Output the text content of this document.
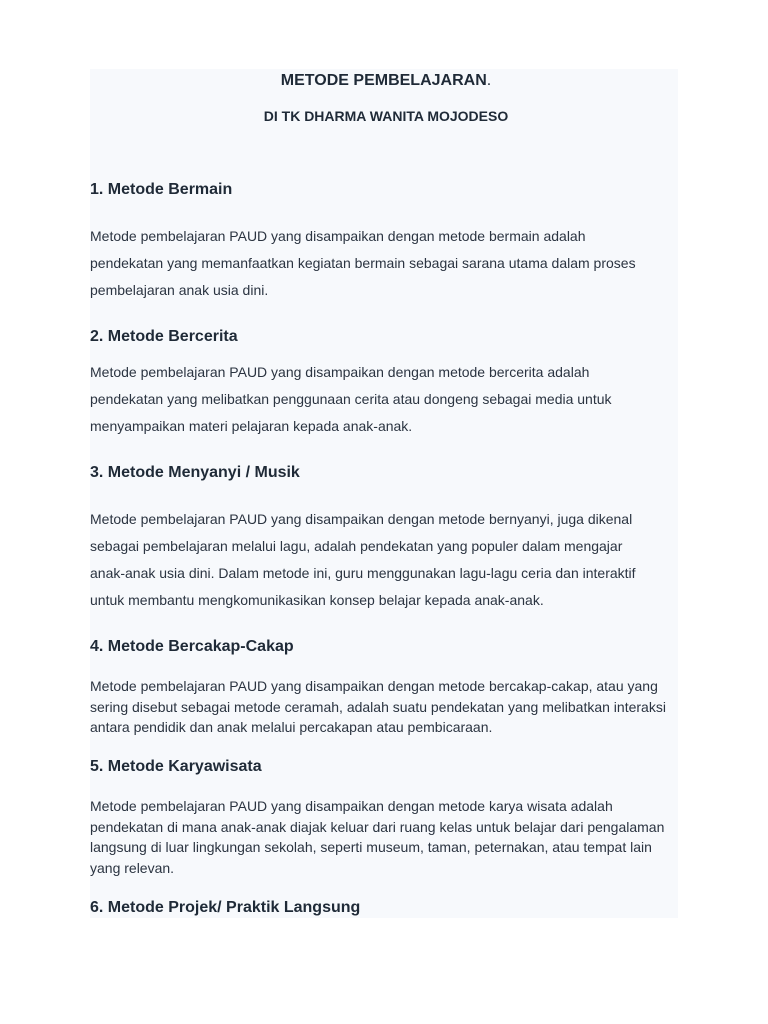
METODE PEMBELAJARAN.
DI TK DHARMA WANITA MOJODESO
1. Metode Bermain

Metode pembelajaran PAUD yang disampaikan dengan metode bermain adalah pendekatan yang memanfaatkan kegiatan bermain sebagai sarana utama dalam proses pembelajaran anak usia dini.

2. Metode Bercerita

Metode pembelajaran PAUD yang disampaikan dengan metode bercerita adalah pendekatan yang melibatkan penggunaan cerita atau dongeng sebagai media untuk menyampaikan materi pelajaran kepada anak-anak.

3. Metode Menyanyi / Musik

Metode pembelajaran PAUD yang disampaikan dengan metode bernyanyi, juga dikenal sebagai pembelajaran melalui lagu, adalah pendekatan yang populer dalam mengajar anak-anak usia dini. Dalam metode ini, guru menggunakan lagu-lagu ceria dan interaktif untuk membantu mengkomunikasikan konsep belajar kepada anak-anak.

4. Metode Bercakap-Cakap

Metode pembelajaran PAUD yang disampaikan dengan metode bercakap-cakap, atau yang sering disebut sebagai metode ceramah, adalah suatu pendekatan yang melibatkan interaksi antara pendidik dan anak melalui percakapan atau pembicaraan.

5. Metode Karyawisata

Metode pembelajaran PAUD yang disampaikan dengan metode karya wisata adalah pendekatan di mana anak-anak diajak keluar dari ruang kelas untuk belajar dari pengalaman langsung di luar lingkungan sekolah, seperti museum, taman, peternakan, atau tempat lain yang relevan.

6. Metode Projek/ Praktik Langsung
